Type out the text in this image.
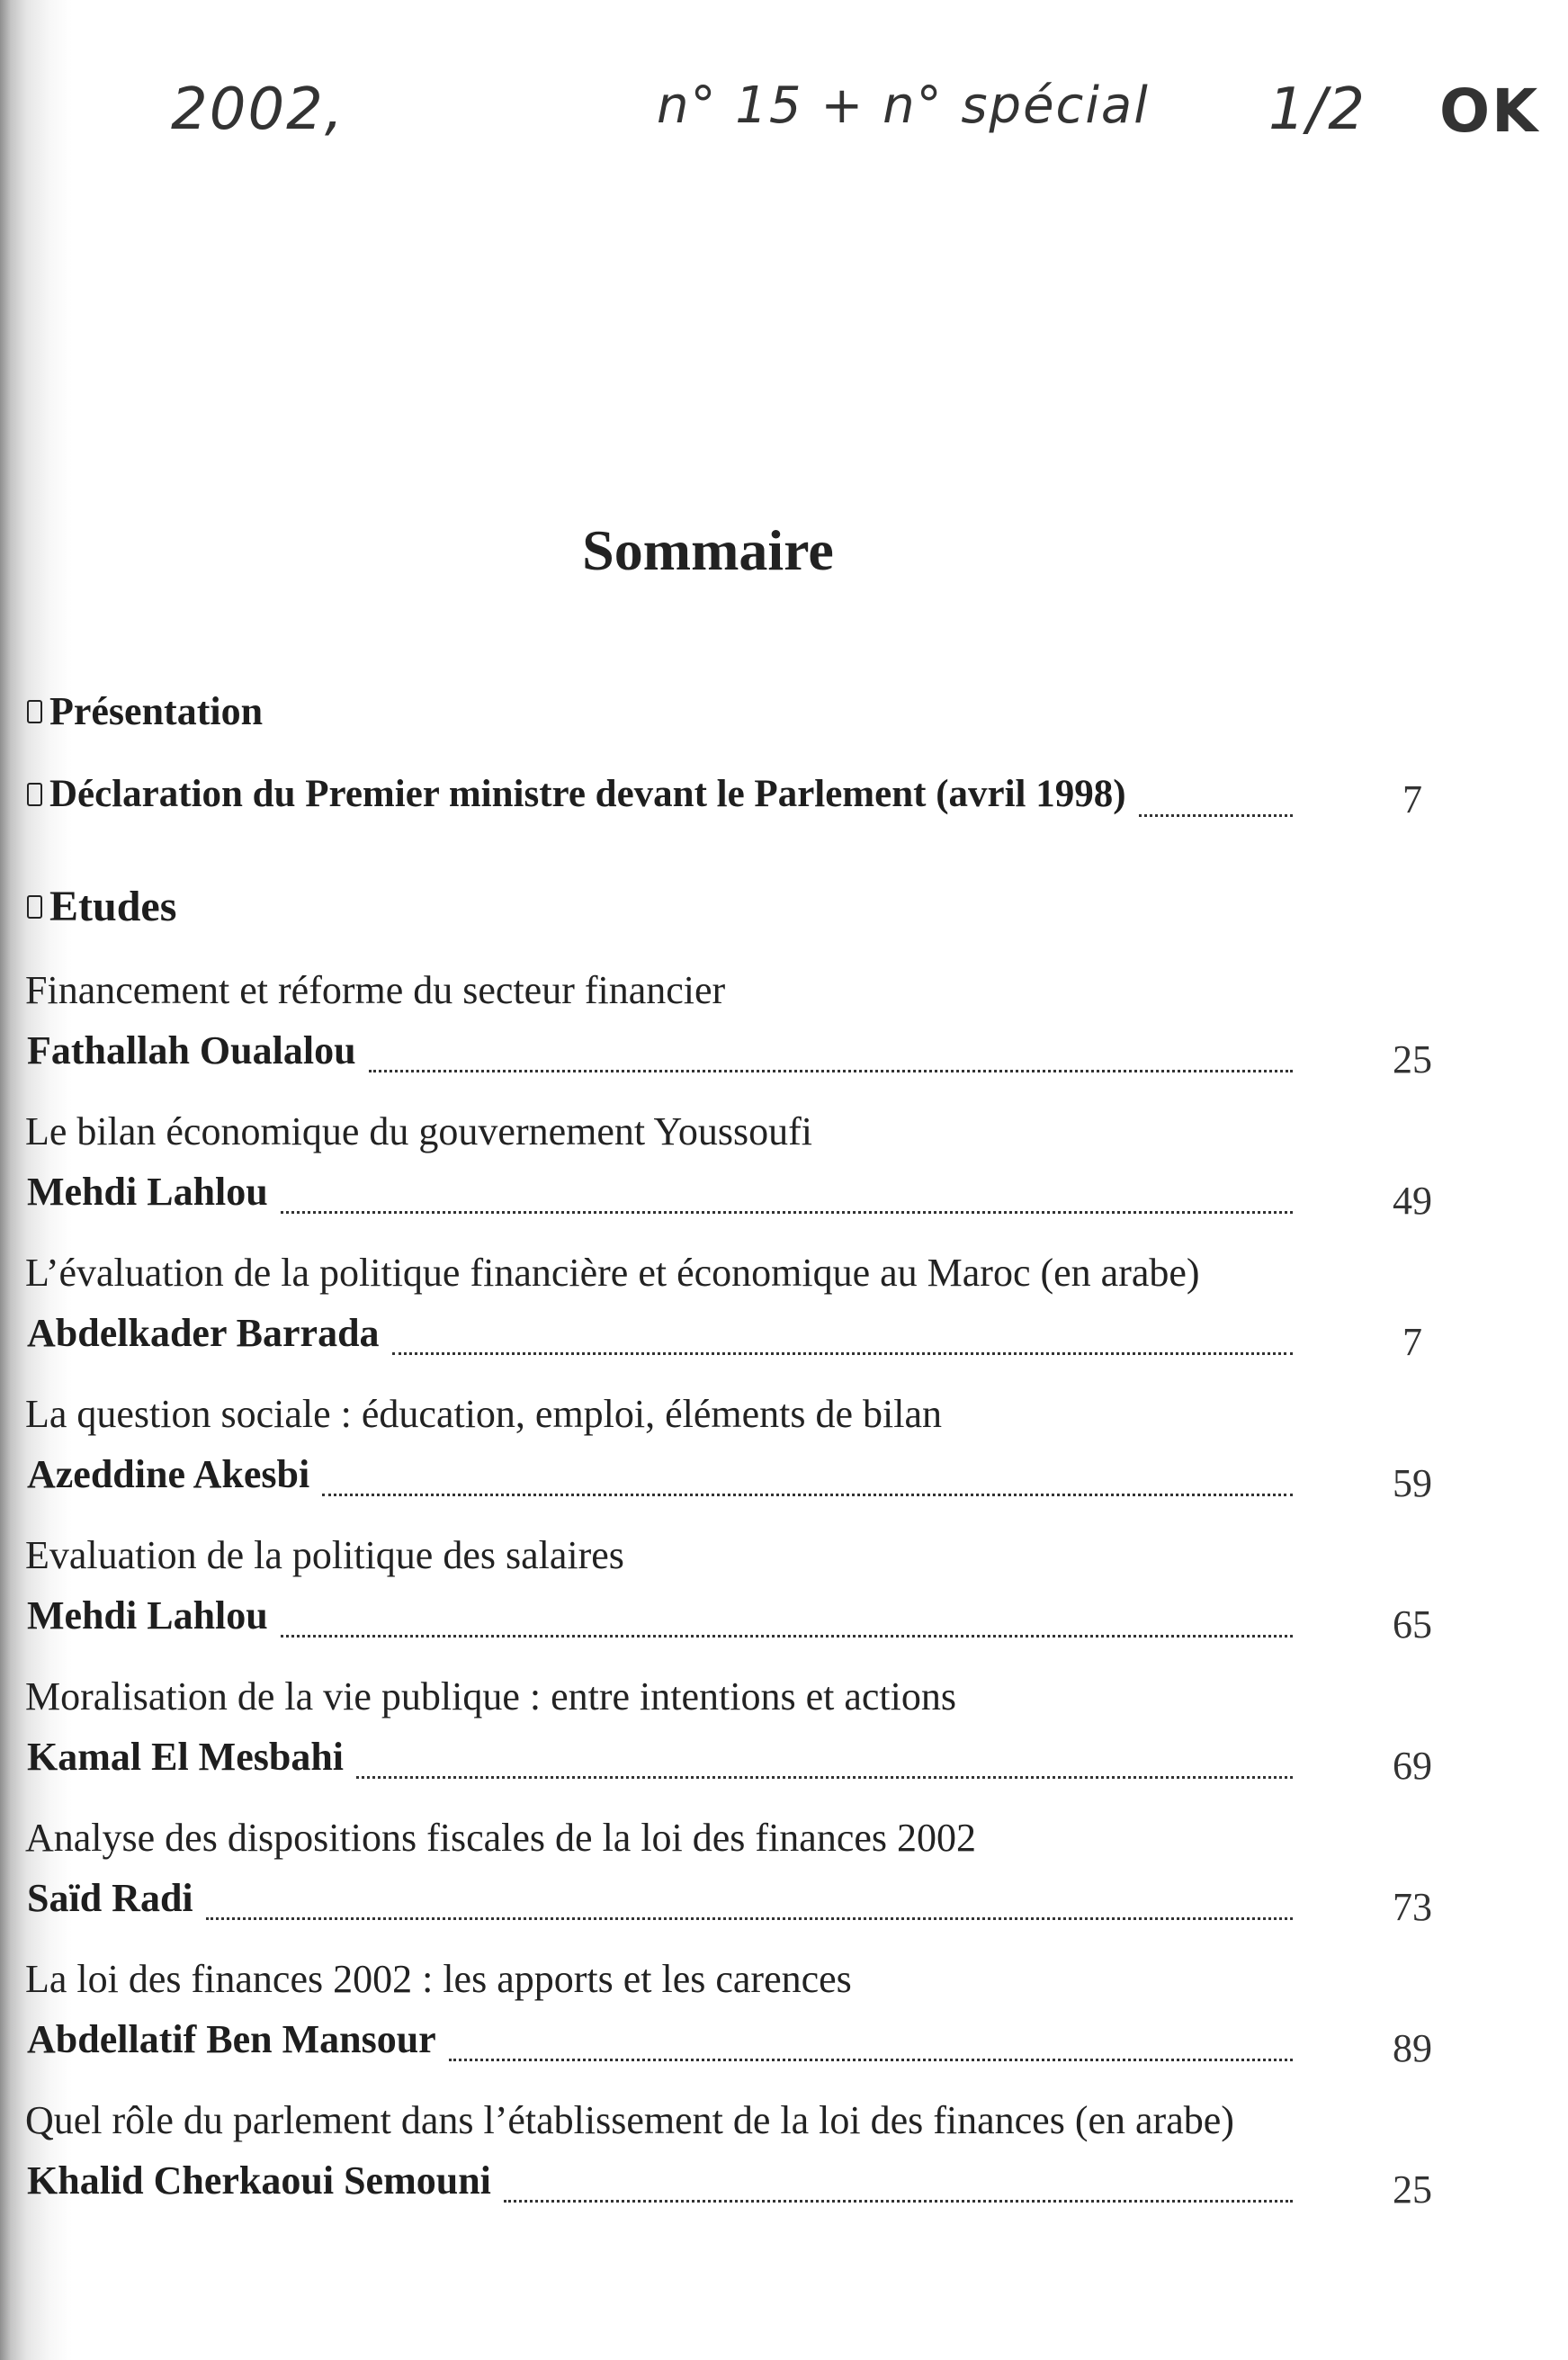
2002,	n° 15 + n° spécial 1/2 OK
Sommaire
Présentation
Déclaration du Premier ministre devant le Parlement (avril 1998)	7
Etudes
Financement et réforme du secteur financier
Fathallah Oualalou	25
Le bilan économique du gouvernement Youssoufi
Mehdi Lahlou	49
L’évaluation de la politique financière et économique au Maroc (en arabe)
Abdelkader Barrada	7
La question sociale : éducation, emploi, éléments de bilan
Azeddine Akesbi	59
Evaluation de la politique des salaires
Mehdi Lahlou	65
Moralisation de la vie publique : entre intentions et actions
Kamal El Mesbahi	69
Analyse des dispositions fiscales de la loi des finances 2002
Saïd Radi	73
La loi des finances 2002 : les apports et les carences
Abdellatif Ben Mansour	89
Quel rôle du parlement dans l’établissement de la loi des finances (en arabe)
Khalid Cherkaoui Semouni	25
